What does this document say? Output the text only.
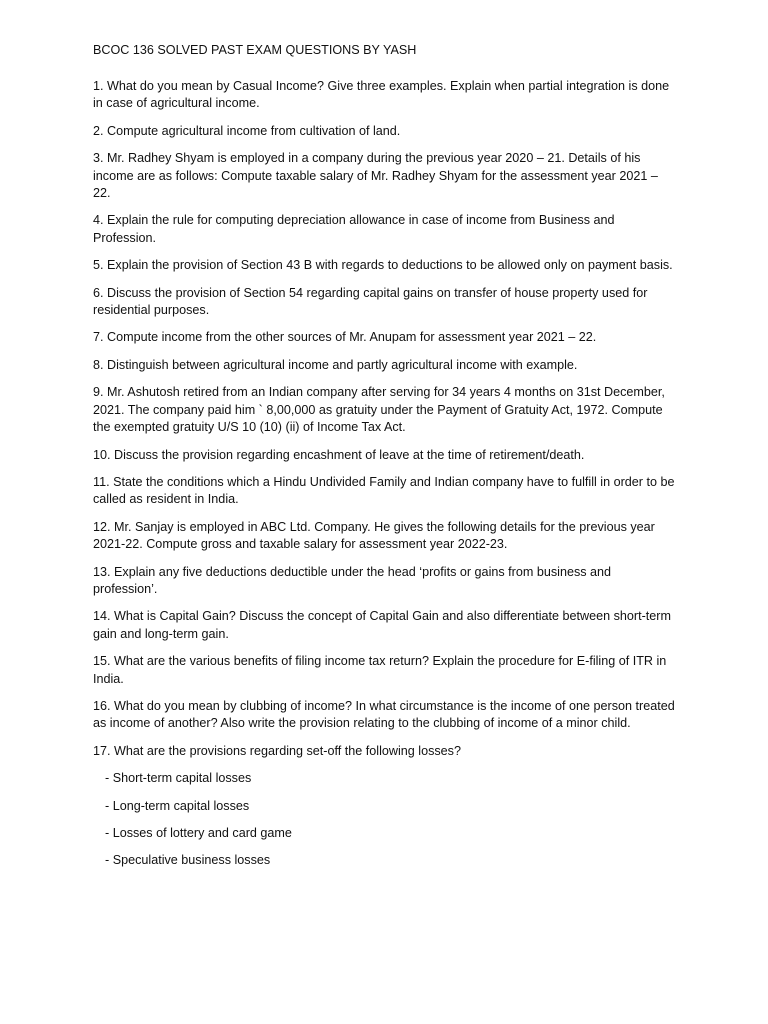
BCOC 136 SOLVED PAST EXAM QUESTIONS BY YASH

1. What do you mean by Casual Income? Give three examples. Explain when partial integration is done in case of agricultural income.

2. Compute agricultural income from cultivation of land.

3. Mr. Radhey Shyam is employed in a company during the previous year 2020 – 21. Details of his income are as follows: Compute taxable salary of Mr. Radhey Shyam for the assessment year 2021 – 22.

4. Explain the rule for computing depreciation allowance in case of income from Business and Profession.

5. Explain the provision of Section 43 B with regards to deductions to be allowed only on payment basis.

6. Discuss the provision of Section 54 regarding capital gains on transfer of house property used for residential purposes.

7. Compute income from the other sources of Mr. Anupam for assessment year 2021 – 22.

8. Distinguish between agricultural income and partly agricultural income with example.

9. Mr. Ashutosh retired from an Indian company after serving for 34 years 4 months on 31st December, 2021. The company paid him ` 8,00,000 as gratuity under the Payment of Gratuity Act, 1972. Compute the exempted gratuity U/S 10 (10) (ii) of Income Tax Act.

10. Discuss the provision regarding encashment of leave at the time of retirement/death.

11. State the conditions which a Hindu Undivided Family and Indian company have to fulfill in order to be called as resident in India.

12. Mr. Sanjay is employed in ABC Ltd. Company. He gives the following details for the previous year 2021-22. Compute gross and taxable salary for assessment year 2022-23.

13. Explain any five deductions deductible under the head ‘profits or gains from business and profession’.

14. What is Capital Gain? Discuss the concept of Capital Gain and also differentiate between short-term gain and long-term gain.

15. What are the various benefits of filing income tax return? Explain the procedure for E-filing of ITR in India.

16. What do you mean by clubbing of income? In what circumstance is the income of one person treated as income of another? Also write the provision relating to the clubbing of income of a minor child.

17. What are the provisions regarding set-off the following losses?

- Short-term capital losses

- Long-term capital losses

- Losses of lottery and card game

- Speculative business losses
